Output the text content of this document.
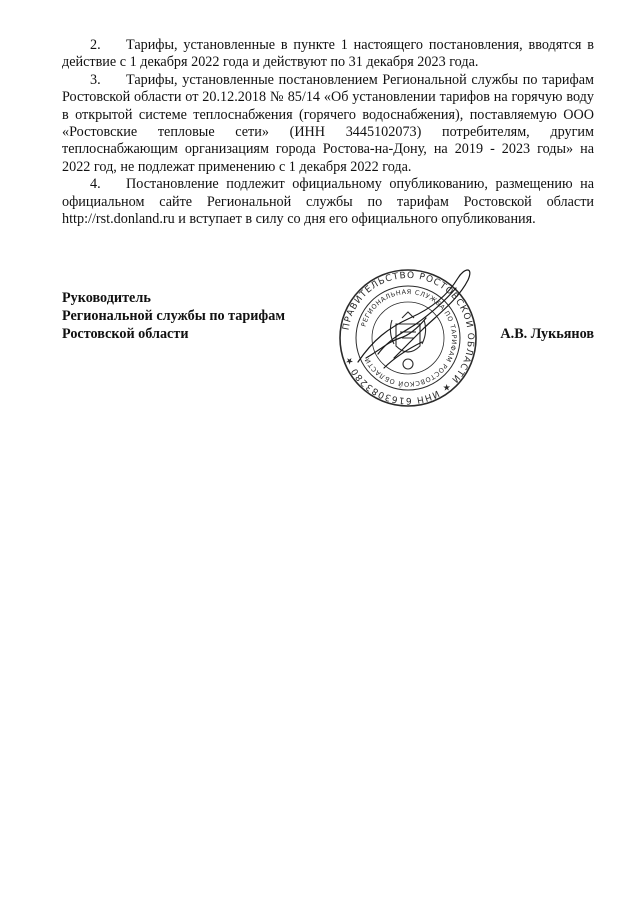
2. Тарифы, установленные в пункте 1 настоящего постановления, вводятся в действие с 1 декабря 2022 года и действуют по 31 декабря 2023 года.

3. Тарифы, установленные постановлением Региональной службы по тарифам Ростовской области от 20.12.2018 № 85/14 «Об установлении тарифов на горячую воду в открытой системе теплоснабжения (горячего водоснабжения), поставляемую ООО «Ростовские тепловые сети» (ИНН 3445102073) потребителям, другим теплоснабжающим организациям города Ростова-на-Дону, на 2019 - 2023 годы» на 2022 год, не подлежат применению с 1 декабря 2022 года.

4. Постановление подлежит официальному опубликованию, размещению на официальном сайте Региональной службы по тарифам Ростовской области http://rst.donland.ru и вступает в силу со дня его официального опубликования.

Руководитель
Региональной службы по тарифам
Ростовской области	ПРАВИТЕЛЬСТВО РОСТОВСКОЙ ОБЛАСТИ ★ ИНН 6163083280 ★
РЕГИОНАЛЬНАЯ СЛУЖБА ПО ТАРИФАМ РОСТОВСКОЙ ОБЛАСТИ
А.В. Лукьянов
